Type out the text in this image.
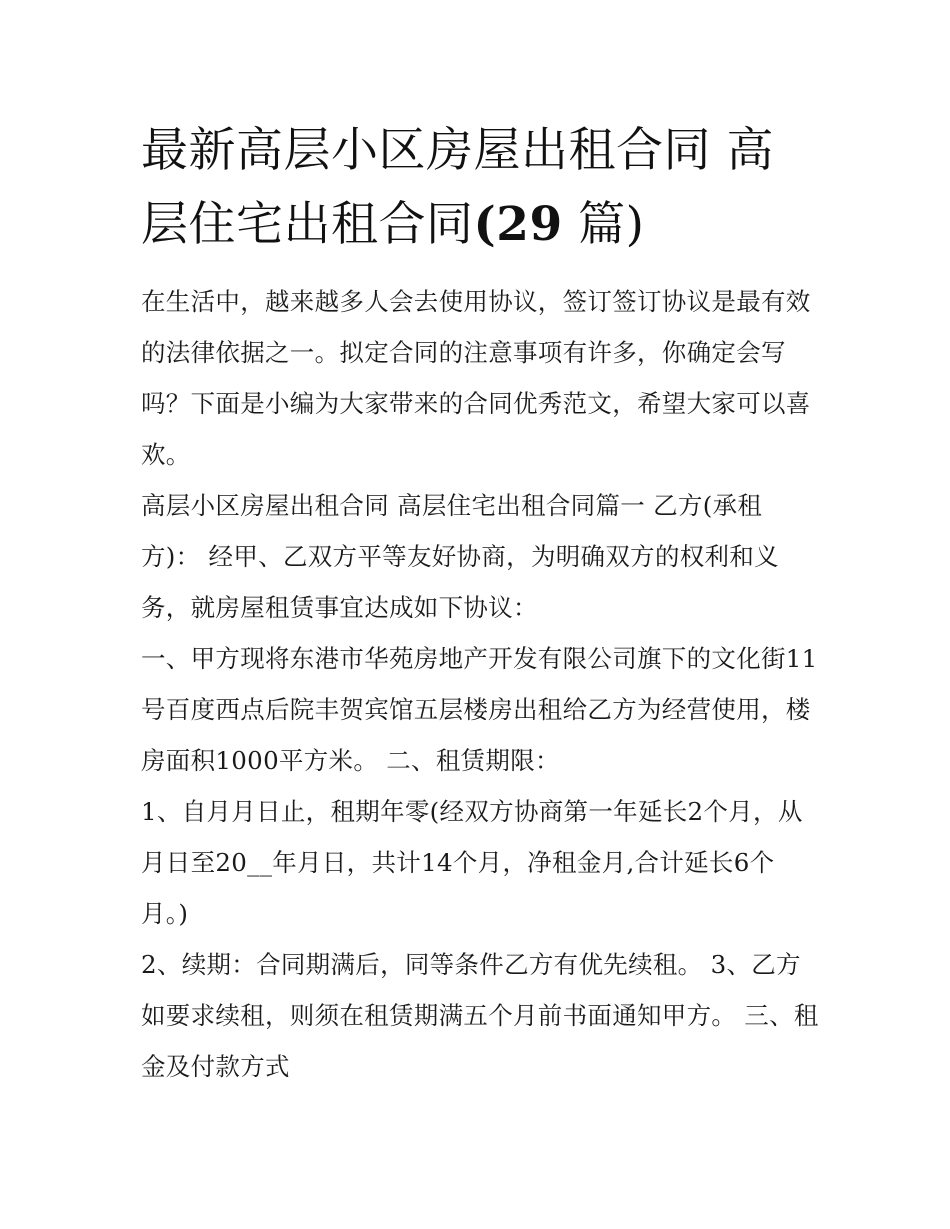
最新高层小区房屋出租合同 高层住宅出租合同(29 篇)

在生活中，越来越多人会去使用协议，签订签订协议是最有效的法律依据之一。拟定合同的注意事项有许多，你确定会写吗？下面是小编为大家带来的合同优秀范文，希望大家可以喜欢。

高层小区房屋出租合同 高层住宅出租合同篇一 乙方(承租方)： 经甲、乙双方平等友好协商，为明确双方的权利和义务，就房屋租赁事宜达成如下协议：

一、甲方现将东港市华苑房地产开发有限公司旗下的文化街11号百度西点后院丰贺宾馆五层楼房出租给乙方为经营使用，楼房面积1000平方米。 二、租赁期限：

1、自月月日止，租期年零(经双方协商第一年延长2个月，从月日至20__年月日，共计14个月，净租金月,合计延长6个月。)

2、续期：合同期满后，同等条件乙方有优先续租。 3、乙方如要求续租，则须在租赁期满五个月前书面通知甲方。 三、租金及付款方式
